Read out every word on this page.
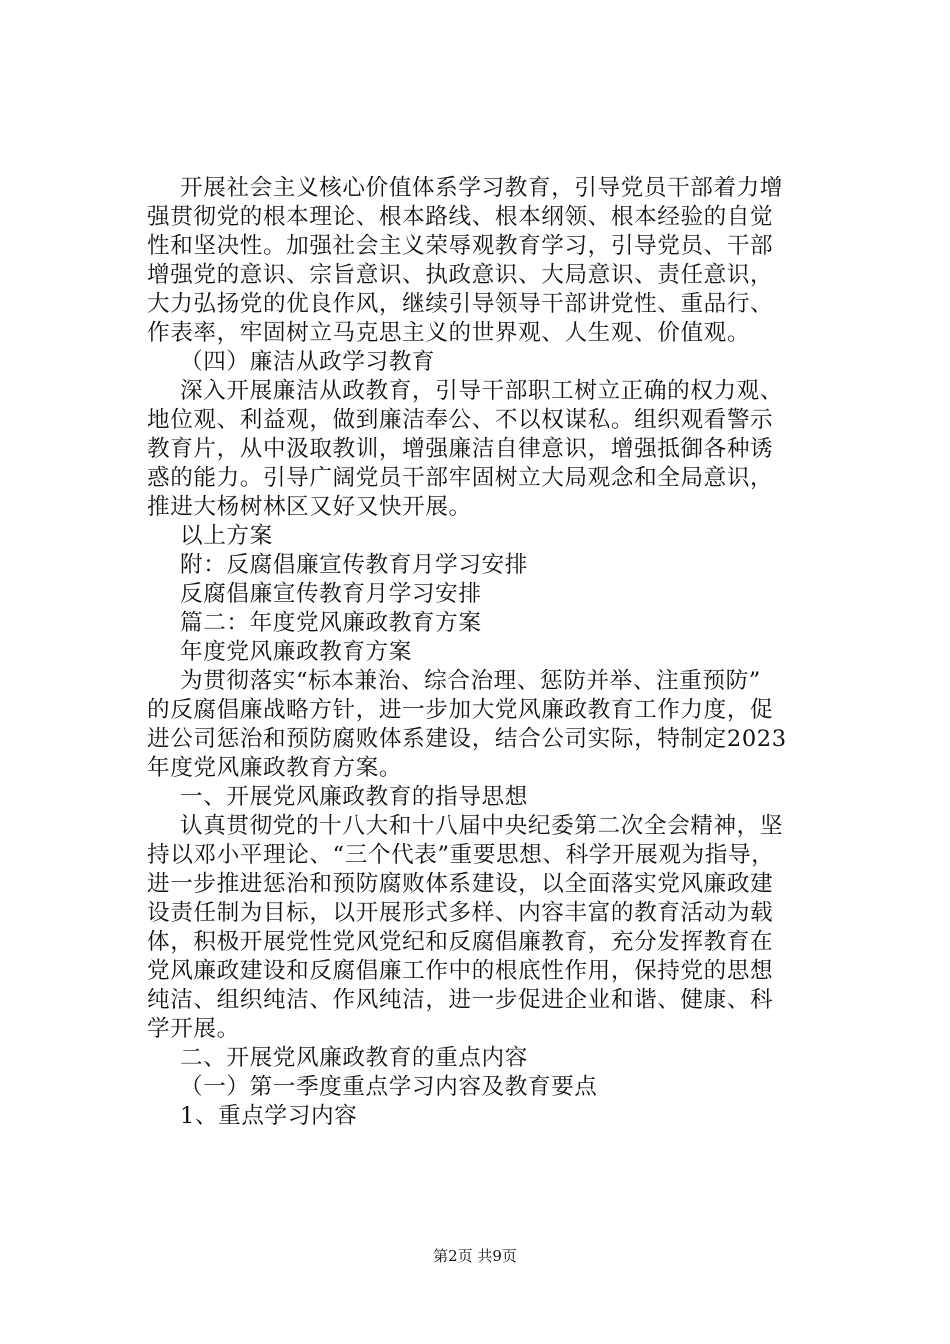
开展社会主义核心价值体系学习教育，引导党员干部着力增
强贯彻党的根本理论、根本路线、根本纲领、根本经验的自觉
性和坚决性。加强社会主义荣辱观教育学习，引导党员、干部
增强党的意识、宗旨意识、执政意识、大局意识、责任意识，
大力弘扬党的优良作风，继续引导领导干部讲党性、重品行、
作表率，牢固树立马克思主义的世界观、人生观、价值观。
（四）廉洁从政学习教育
深入开展廉洁从政教育，引导干部职工树立正确的权力观、
地位观、利益观，做到廉洁奉公、不以权谋私。组织观看警示
教育片，从中汲取教训，增强廉洁自律意识，增强抵御各种诱
惑的能力。引导广阔党员干部牢固树立大局观念和全局意识，
推进大杨树林区又好又快开展。
以上方案
附：反腐倡廉宣传教育月学习安排
反腐倡廉宣传教育月学习安排
篇二：年度党风廉政教育方案
年度党风廉政教育方案
为贯彻落实“标本兼治、综合治理、惩防并举、注重预防”
的反腐倡廉战略方针，进一步加大党风廉政教育工作力度，促
进公司惩治和预防腐败体系建设，结合公司实际，特制定2023
年度党风廉政教育方案。
一、开展党风廉政教育的指导思想
认真贯彻党的十八大和十八届中央纪委第二次全会精神，坚
持以邓小平理论、“三个代表”重要思想、科学开展观为指导，
进一步推进惩治和预防腐败体系建设，以全面落实党风廉政建
设责任制为目标，以开展形式多样、内容丰富的教育活动为载
体，积极开展党性党风党纪和反腐倡廉教育，充分发挥教育在
党风廉政建设和反腐倡廉工作中的根底性作用，保持党的思想
纯洁、组织纯洁、作风纯洁，进一步促进企业和谐、健康、科
学开展。
二、开展党风廉政教育的重点内容
（一）第一季度重点学习内容及教育要点
1、重点学习内容
第2页 共9页
